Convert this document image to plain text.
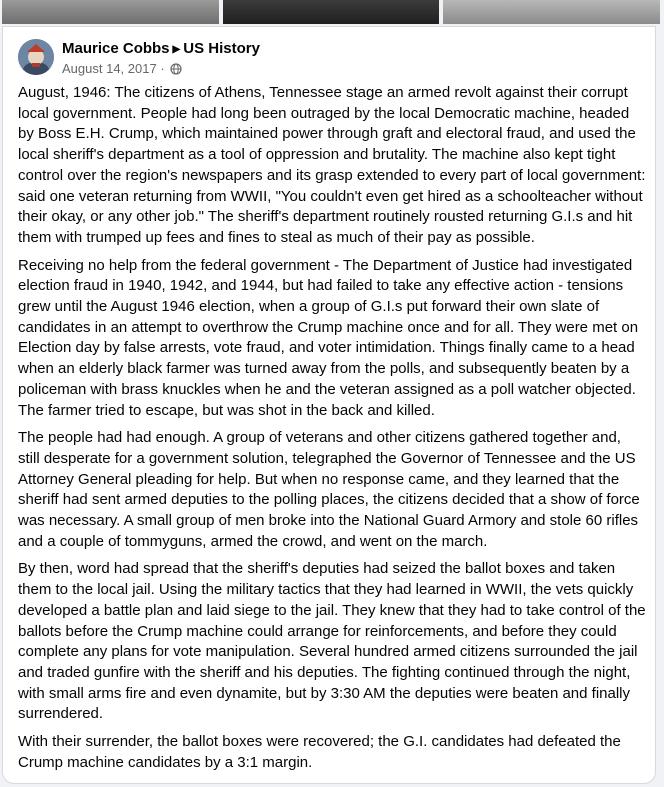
Maurice Cobbs ▶ US History
August 14, 2017 ·

August, 1946: The citizens of Athens, Tennessee stage an armed revolt against their corrupt local government. People had long been outraged by the local Democratic machine, headed by Boss E.H. Crump, which maintained power through graft and electoral fraud, and used the local sheriff's department as a tool of oppression and brutality. The machine also kept tight control over the region's newspapers and its grasp extended to every part of local government: said one veteran returning from WWII, "You couldn't even get hired as a schoolteacher without their okay, or any other job." The sheriff's department routinely rousted returning G.I.s and hit them with trumped up fees and fines to steal as much of their pay as possible.

Receiving no help from the federal government - The Department of Justice had investigated election fraud in 1940, 1942, and 1944, but had failed to take any effective action - tensions grew until the August 1946 election, when a group of G.I.s put forward their own slate of candidates in an attempt to overthrow the Crump machine once and for all. They were met on Election day by false arrests, vote fraud, and voter intimidation. Things finally came to a head when an elderly black farmer was turned away from the polls, and subsequently beaten by a policeman with brass knuckles when he and the veteran assigned as a poll watcher objected. The farmer tried to escape, but was shot in the back and killed.

The people had had enough. A group of veterans and other citizens gathered together and, still desperate for a government solution, telegraphed the Governor of Tennessee and the US Attorney General pleading for help. But when no response came, and they learned that the sheriff had sent armed deputies to the polling places, the citizens decided that a show of force was necessary. A small group of men broke into the National Guard Armory and stole 60 rifles and a couple of tommyguns, armed the crowd, and went on the march.

By then, word had spread that the sheriff's deputies had seized the ballot boxes and taken them to the local jail. Using the military tactics that they had learned in WWII, the vets quickly developed a battle plan and laid siege to the jail. They knew that they had to take control of the ballots before the Crump machine could arrange for reinforcements, and before they could complete any plans for vote manipulation. Several hundred armed citizens surrounded the jail and traded gunfire with the sheriff and his deputies. The fighting continued through the night, with small arms fire and even dynamite, but by 3:30 AM the deputies were beaten and finally surrendered.

With their surrender, the ballot boxes were recovered; the G.I. candidates had defeated the Crump machine candidates by a 3:1 margin.
